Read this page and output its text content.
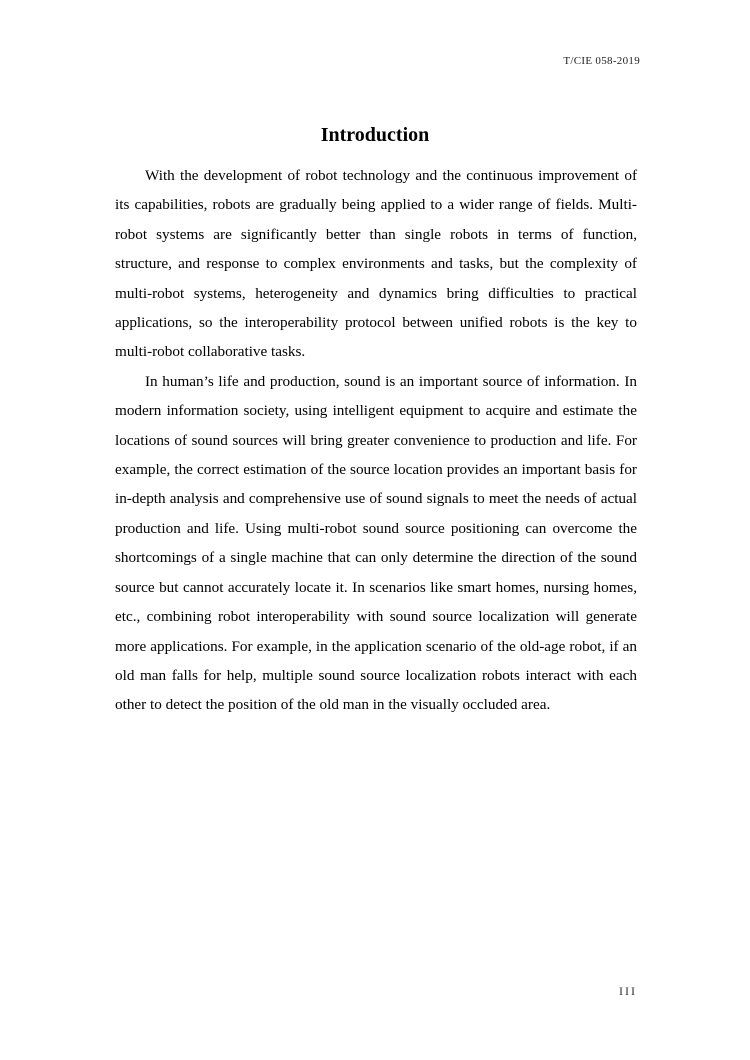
T/CIE 058-2019
Introduction

With the development of robot technology and the continuous improvement of its capabilities, robots are gradually being applied to a wider range of fields. Multi-robot systems are significantly better than single robots in terms of function, structure, and response to complex environments and tasks, but the complexity of multi-robot systems, heterogeneity and dynamics bring difficulties to practical applications, so the interoperability protocol between unified robots is the key to multi-robot collaborative tasks.

In human’s life and production, sound is an important source of information. In modern information society, using intelligent equipment to acquire and estimate the locations of sound sources will bring greater convenience to production and life. For example, the correct estimation of the source location provides an important basis for in-depth analysis and comprehensive use of sound signals to meet the needs of actual production and life. Using multi-robot sound source positioning can overcome the shortcomings of a single machine that can only determine the direction of the sound source but cannot accurately locate it. In scenarios like smart homes, nursing homes, etc., combining robot interoperability with sound source localization will generate more applications. For example, in the application scenario of the old-age robot, if an old man falls for help, multiple sound source localization robots interact with each other to detect the position of the old man in the visually occluded area.

III
